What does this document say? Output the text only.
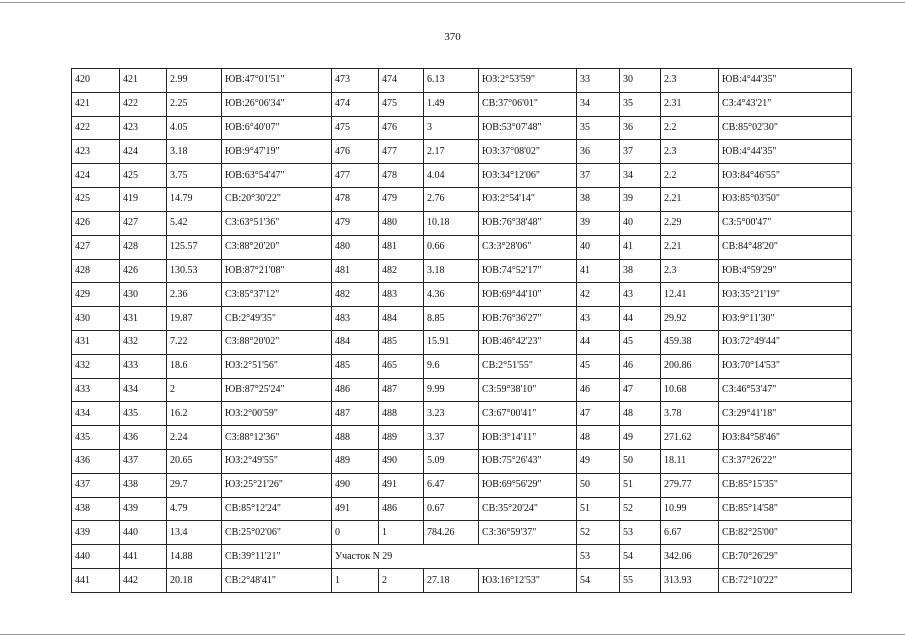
370
420	421	2.99	ЮВ:47°01'51"	473	474	6.13	ЮЗ:2°53'59"	33	30	2.3	ЮВ:4°44'35"
421	422	2.25	ЮВ:26°06'34"	474	475	1.49	СВ:37°06'01"	34	35	2.31	СЗ:4°43'21"
422	423	4.05	ЮВ:6°40'07"	475	476	3	ЮВ:53°07'48"	35	36	2.2	СВ:85°02'30"
423	424	3.18	ЮВ:9°47'19"	476	477	2.17	ЮЗ:37°08'02"	36	37	2.3	ЮВ:4°44'35"
424	425	3.75	ЮВ:63°54'47"	477	478	4.04	ЮЗ:34°12'06"	37	34	2.2	ЮЗ:84°46'55"
425	419	14.79	СВ:20°30'22"	478	479	2.76	ЮЗ:2°54'14"	38	39	2.21	ЮЗ:85°03'50"
426	427	5.42	СЗ:63°51'36"	479	480	10.18	ЮВ:76°38'48"	39	40	2.29	СЗ:5°00'47"
427	428	125.57	СЗ:88°20'20"	480	481	0.66	СЗ:3°28'06"	40	41	2.21	СВ:84°48'20"
428	426	130.53	ЮВ:87°21'08"	481	482	3.18	ЮВ:74°52'17"	41	38	2.3	ЮВ:4°59'29"
429	430	2.36	СЗ:85°37'12"	482	483	4.36	ЮВ:69°44'10"	42	43	12.41	ЮЗ:35°21'19"
430	431	19.87	СВ:2°49'35"	483	484	8.85	ЮВ:76°36'27"	43	44	29.92	ЮЗ:9°11'30"
431	432	7.22	СЗ:88°20'02"	484	485	15.91	ЮВ:46°42'23"	44	45	459.38	ЮЗ:72°49'44"
432	433	18.6	ЮЗ:2°51'56"	485	465	9.6	СВ:2°51'55"	45	46	200.86	ЮЗ:70°14'53"
433	434	2	ЮВ:87°25'24"	486	487	9.99	СЗ:59°38'10"	46	47	10.68	СЗ:46°53'47"
434	435	16.2	ЮЗ:2°00'59"	487	488	3.23	СЗ:67°00'41"	47	48	3.78	СЗ:29°41'18"
435	436	2.24	СЗ:88°12'36"	488	489	3.37	ЮВ:3°14'11"	48	49	271.62	ЮЗ:84°58'46"
436	437	20.65	ЮЗ:2°49'55"	489	490	5.09	ЮВ:75°26'43"	49	50	18.11	СЗ:37°26'22"
437	438	29.7	ЮЗ:25°21'26"	490	491	6.47	ЮВ:69°56'29"	50	51	279.77	СВ:85°15'35"
438	439	4.79	СВ:85°12'24"	491	486	0.67	СВ:35°20'24"	51	52	10.99	СВ:85°14'58"
439	440	13.4	СВ:25°02'06"	0	1	784.26	СЗ:36°59'37"	52	53	6.67	СВ:82°25'00"
440	441	14.88	СВ:39°11'21"	Участок N 29				53	54	342.06	СВ:70°26'29"
441	442	20.18	СВ:2°48'41"	1	2	27.18	ЮЗ:16°12'53"	54	55	313.93	СВ:72°10'22"
